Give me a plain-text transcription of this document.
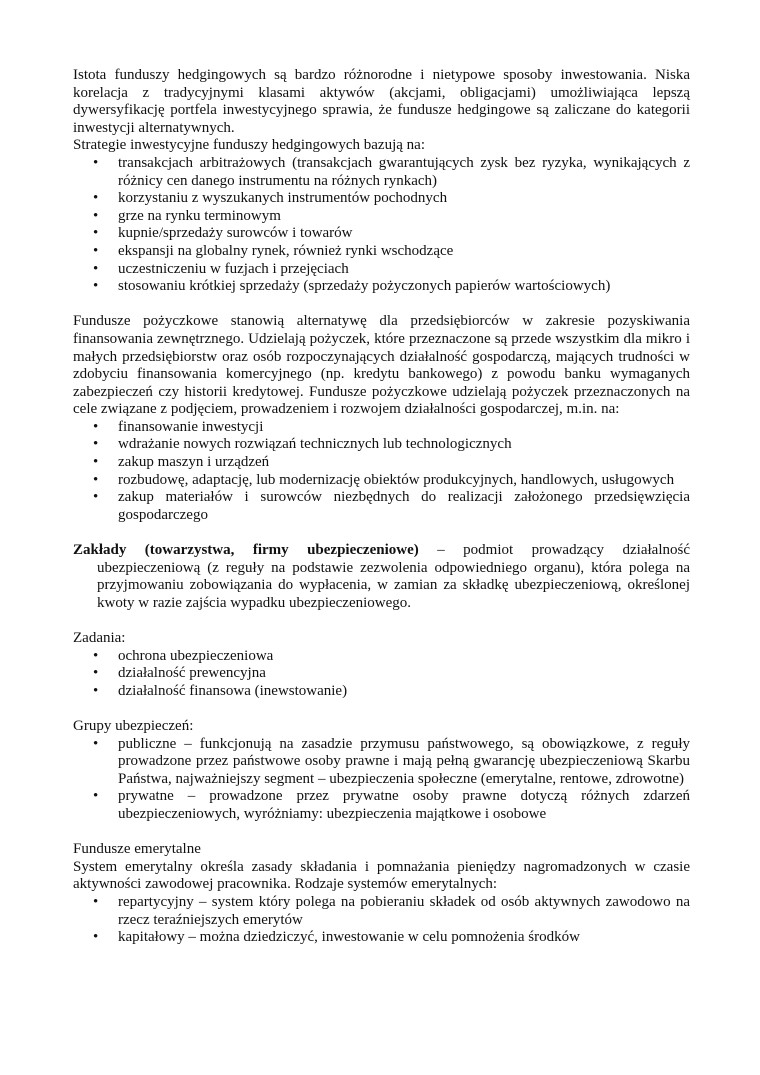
Istota funduszy hedgingowych są bardzo różnorodne i nietypowe sposoby inwestowania. Niska korelacja z tradycyjnymi klasami aktywów (akcjami, obligacjami) umożliwiająca lepszą dywersyfikację portfela inwestycyjnego sprawia, że fundusze hedgingowe są zaliczane do kategorii inwestycji alternatywnych.

Strategie inwestycyjne funduszy hedgingowych bazują na:

• transakcjach arbitrażowych (transakcjach gwarantujących zysk bez ryzyka, wynikających z różnicy cen danego instrumentu na różnych rynkach)
• korzystaniu z wyszukanych instrumentów pochodnych
• grze na rynku terminowym
• kupnie/sprzedaży surowców i towarów
• ekspansji na globalny rynek, również rynki wschodzące
• uczestniczeniu w fuzjach i przejęciach
• stosowaniu krótkiej sprzedaży (sprzedaży pożyczonych papierów wartościowych)

Fundusze pożyczkowe stanowią alternatywę dla przedsiębiorców w zakresie pozyskiwania finansowania zewnętrznego. Udzielają pożyczek, które przeznaczone są przede wszystkim dla mikro i małych przedsiębiorstw oraz osób rozpoczynających działalność gospodarczą, mających trudności w zdobyciu finansowania komercyjnego (np. kredytu bankowego) z powodu banku wymaganych zabezpieczeń czy historii kredytowej. Fundusze pożyczkowe udzielają pożyczek przeznaczonych na cele związane z podjęciem, prowadzeniem i rozwojem działalności gospodarczej, m.in. na:

• finansowanie inwestycji
• wdrażanie nowych rozwiązań technicznych lub technologicznych
• zakup maszyn i urządzeń
• rozbudowę, adaptację, lub modernizację obiektów produkcyjnych, handlowych, usługowych
• zakup materiałów i surowców niezbędnych do realizacji założonego przedsięwzięcia gospodarczego

Zakłady (towarzystwa, firmy ubezpieczeniowe) – podmiot prowadzący działalność ubezpieczeniową (z reguły na podstawie zezwolenia odpowiedniego organu), która polega na przyjmowaniu zobowiązania do wypłacenia, w zamian za składkę ubezpieczeniową, określonej kwoty w razie zajścia wypadku ubezpieczeniowego.

Zadania:

• ochrona ubezpieczeniowa
• działalność prewencyjna
• działalność finansowa (inewstowanie)

Grupy ubezpieczeń:

• publiczne – funkcjonują na zasadzie przymusu państwowego, są obowiązkowe, z reguły prowadzone przez państwowe osoby prawne i mają pełną gwarancję ubezpieczeniową Skarbu Państwa, najważniejszy segment – ubezpieczenia społeczne (emerytalne, rentowe, zdrowotne)
• prywatne – prowadzone przez prywatne osoby prawne dotyczą różnych zdarzeń ubezpieczeniowych, wyróżniamy: ubezpieczenia majątkowe i osobowe

Fundusze emerytalne

System emerytalny określa zasady składania i pomnażania pieniędzy nagromadzonych w czasie aktywności zawodowej pracownika. Rodzaje systemów emerytalnych:

• repartycyjny – system który polega na pobieraniu składek od osób aktywnych zawodowo na rzecz teraźniejszych emerytów
• kapitałowy – można dziedziczyć, inwestowanie w celu pomnożenia środków
